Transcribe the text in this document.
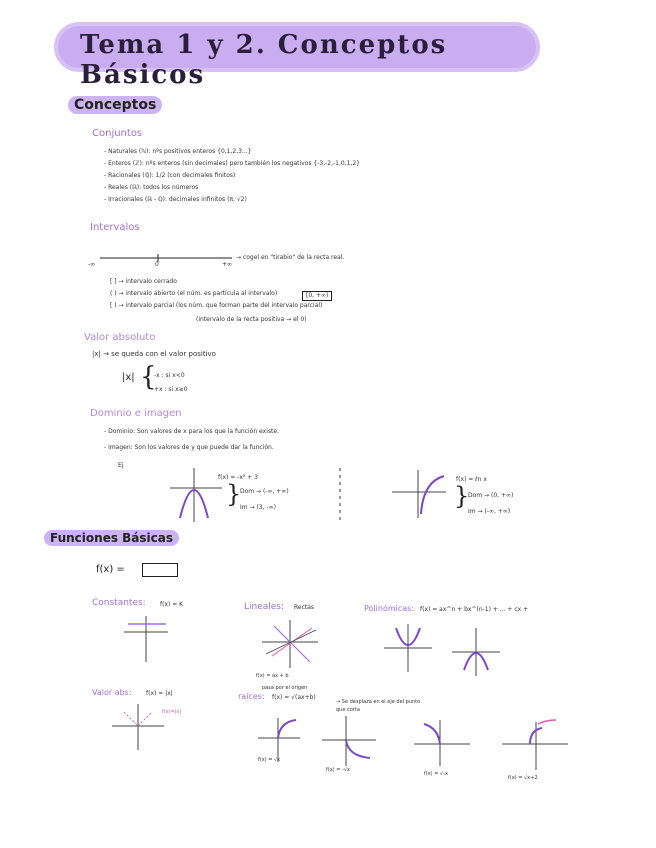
Tema 1 y 2. Conceptos Básicos
Conceptos
Conjuntos
- Naturales (ℕ): nºs positivos enteros {0,1,2,3...}
- Enteros (ℤ): nºs enteros (sin decimales) pero también los negativos {-3,-2,-1,0,1,2}
- Racionales (ℚ): 1/2 (con decimales finitos)
- Reales (ℝ): todos los números
- Irracionales (ℝ - ℚ): decimales infinitos (π, √2)
Intervalos
-∞	0	+∞
→ cogel en "tirabio" de la recta real.
[ ] → intervalo cerrado
( ) → intervalo abierto (el núm. es partícula al intervalo)	[0, +∞)
[ ) → intervalo parcial (los núm. que forman parte del intervalo parcial)
(intervalo de la recta positiva → el 0)
Valor absoluto
|x| → se queda con el valor positivo
|x| {
-x : si x<0
+x : si x≥0
Dominio e imagen
- Dominio: Son valores de x para los que la función existe.
- Imagen: Son los valores de y que puede dar la función.
Ej
f(x) = -x² + 3
}
Dom → (-∞, +∞)
Im → (3, -∞)
f(x) = ℓn x
}
Dom → (0, +∞)
Im → (-∞, +∞)
Funciones Básicas
f(x) =
Constantes: f(x) = K	Lineales: Rectas	Polinómicas: f(x) = ax^n + bx^(n-1) + ... + cx +
Valor abs: f(x) = |x|
f(x)=|x|
raíces: f(x) = √(ax+b)
→ Se desplaza en el eje del punto que corta
f(x) = ax + b
pasa por el origen
f(x) = √x
f(x) = -√x
f(x) = √-x
f(x) = √x+2
